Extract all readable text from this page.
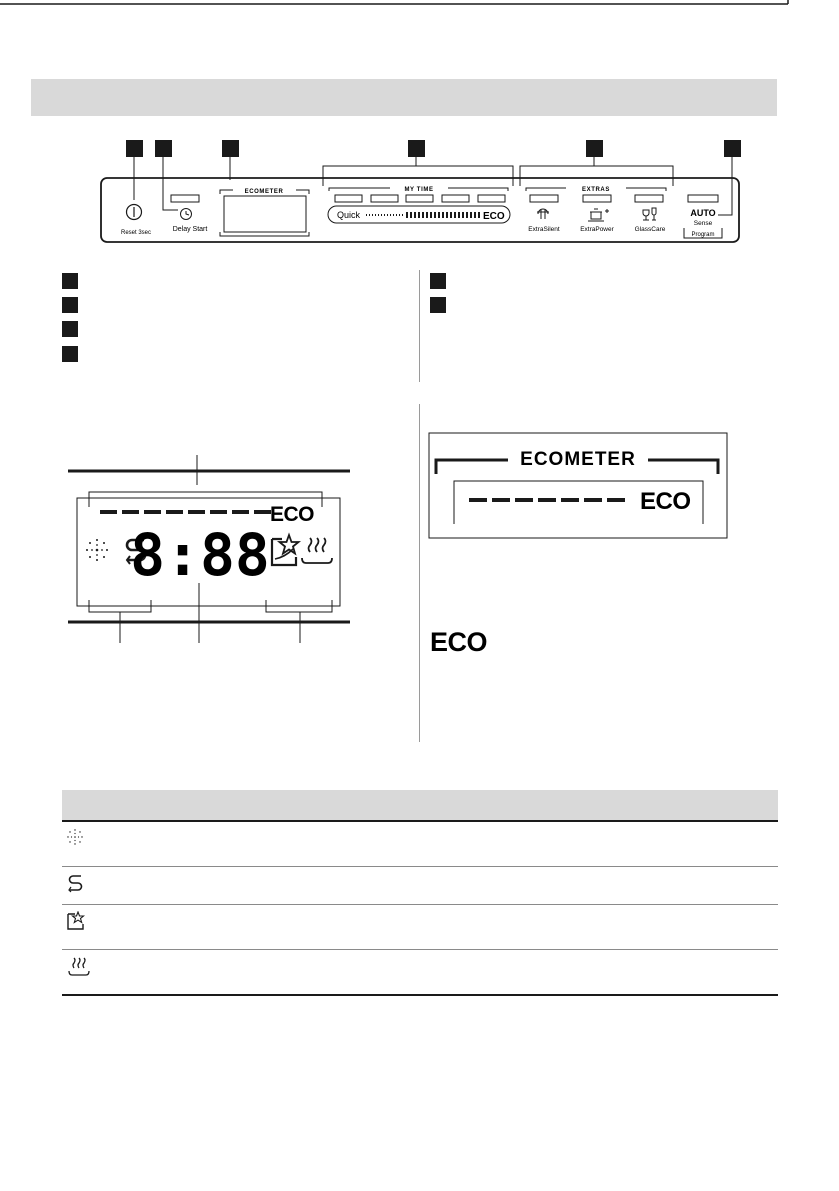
Reset 3sec	Delay Start
ECOMETER	MY TIME
Quick	ECO
EXTRAS
ExtraSilent	ExtraPower	GlassCare
AUTO
Sense
Program
ECO
8:88
ECOMETER
ECO
ECO
